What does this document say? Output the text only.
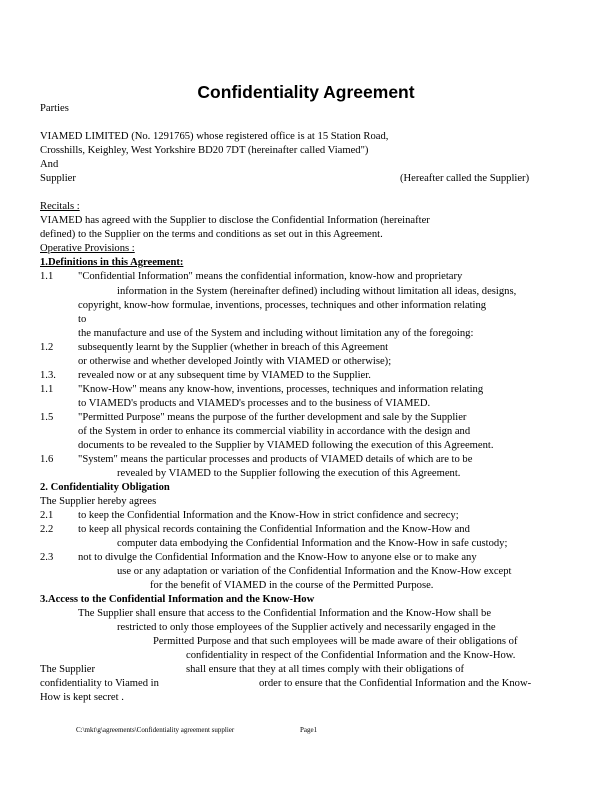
Confidentiality Agreement
Parties
VIAMED LIMITED (No. 1291765) whose registered office is at 15 Station Road,
Crosshills, Keighley, West Yorkshire BD20 7DT (hereinafter called Viamed")
And
Supplier	(Hereafter called the Supplier)
Recitals :
VIAMED has agreed with the Supplier to disclose the Confidential Information (hereinafter
defined) to the Supplier on the terms and conditions as set out in this Agreement.
Operative Provisions :
1.Definitions in this Agreement:
1.1 "Confidential Information" means the confidential information, know-how and proprietary
information in the System (hereinafter defined) including without limitation all ideas, designs,
copyright, know-how formulae, inventions, processes, techniques and other information relating
to
the manufacture and use of the System and including without limitation any of the foregoing:
1.2 subsequently learnt by the Supplier (whether in breach of this Agreement
or otherwise and whether developed Jointly with VIAMED or otherwise);
1.3. revealed now or at any subsequent time by VIAMED to the Supplier.
1.1 "Know-How" means any know-how, inventions, processes, techniques and information relating
to VIAMED's products and VIAMED's processes and to the business of VIAMED.
1.5 "Permitted Purpose" means the purpose of the further development and sale by the Supplier
of the System in order to enhance its commercial viability in accordance with the design and
documents to be revealed to the Supplier by VIAMED following the execution of this Agreement.
1.6 "System" means the particular processes and products of VIAMED details of which are to be
revealed by VIAMED to the Supplier following the execution of this Agreement.
2. Confidentiality Obligation
The Supplier hereby agrees
2.1 to keep the Confidential Information and the Know-How in strict confidence and secrecy;
2.2 to keep all physical records containing the Confidential Information and the Know-How and
computer data embodying the Confidential Information and the Know-How in safe custody;
2.3 not to divulge the Confidential Information and the Know-How to anyone else or to make any
use or any adaptation or variation of the Confidential Information and the Know-How except
for the benefit of VIAMED in the course of the Permitted Purpose.
3.Access to the Confidential Information and the Know-How
The Supplier shall ensure that access to the Confidential Information and the Know-How shall be
restricted to only those employees of the Supplier actively and necessarily engaged in the
Permitted Purpose and that such employees will be made aware of their obligations of
confidentiality in respect of the Confidential Information and the Know-How.
The Supplier	shall ensure that they at all times comply with their obligations of
confidentiality to Viamed in	order to ensure that the Confidential Information and the Know-
How is kept secret .
C:\mkt\g\agreements\Confidentiality agreement supplier	Page1
